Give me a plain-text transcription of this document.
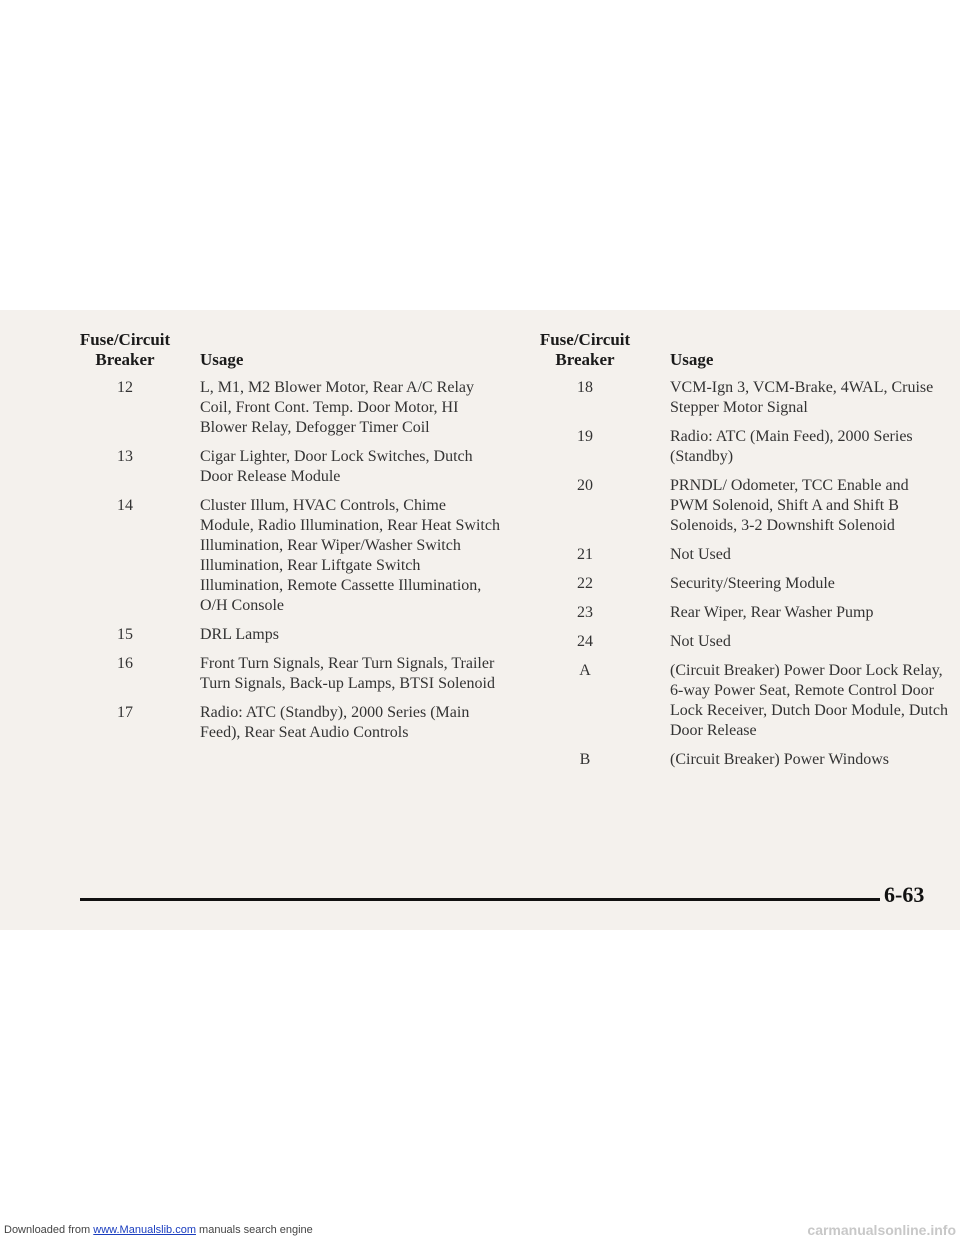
Fuse/Circuit
Breaker	Usage
12	L, M1, M2 Blower Motor, Rear A/C Relay Coil, Front Cont. Temp. Door Motor, HI Blower Relay, Defogger Timer Coil
13	Cigar Lighter, Door Lock Switches, Dutch Door Release Module
14	Cluster Illum, HVAC Controls, Chime Module, Radio Illumination, Rear Heat Switch Illumination, Rear Wiper/Washer Switch Illumination, Rear Liftgate Switch Illumination, Remote Cassette Illumination, O/H Console
15	DRL Lamps
16	Front Turn Signals, Rear Turn Signals, Trailer Turn Signals, Back-up Lamps, BTSI Solenoid
17	Radio: ATC (Standby), 2000 Series (Main Feed), Rear Seat Audio Controls
Fuse/Circuit
Breaker	Usage
18	VCM-Ign 3, VCM-Brake, 4WAL, Cruise Stepper Motor Signal
19	Radio: ATC (Main Feed), 2000 Series (Standby)
20	PRNDL/ Odometer, TCC Enable and PWM Solenoid, Shift A and Shift B Solenoids, 3-2 Downshift Solenoid
21	Not Used
22	Security/Steering Module
23	Rear Wiper, Rear Washer Pump
24	Not Used
A	(Circuit Breaker) Power Door Lock Relay, 6-way Power Seat, Remote Control Door Lock Receiver, Dutch Door Module, Dutch Door Release
B	(Circuit Breaker) Power Windows
6-63
Downloaded from www.Manualslib.com manuals search engine	carmanualsonline.info
